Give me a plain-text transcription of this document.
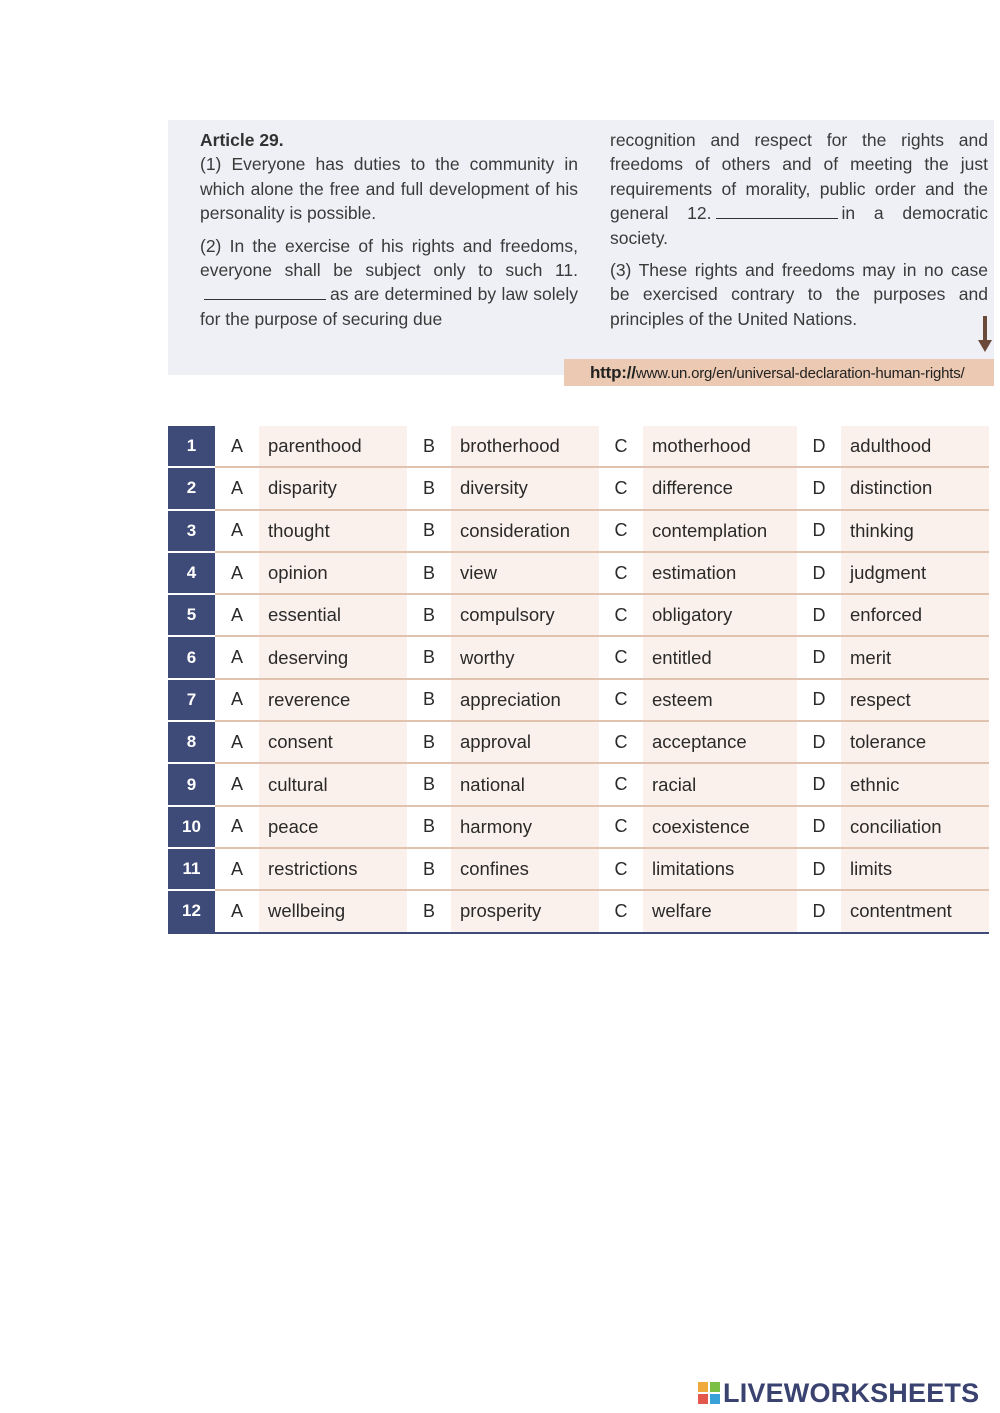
Article 29.

(1) Everyone has duties to the community in which alone the free and full development of his personality is possible.

(2) In the exercise of his rights and freedoms, everyone shall be subject only to such 11.as are determined by law solely for the purpose of securing due

recognition and respect for the rights and freedoms of others and of meeting the just requirements of morality, public order and the general 12.	in a democratic society.

(3) These rights and freedoms may in no case be exercised contrary to the purposes and principles of the United Nations.

http://www.un.org/en/universal-declaration-human-rights/
1	A	parenthood	B	brotherhood	C	motherhood	D	adulthood
2	A	disparity	B	diversity	C	difference	D	distinction
3	A	thought	B	consideration	C	contemplation	D	thinking
4	A	opinion	B	view	C	estimation	D	judgment
5	A	essential	B	compulsory	C	obligatory	D	enforced
6	A	deserving	B	worthy	C	entitled	D	merit
7	A	reverence	B	appreciation	C	esteem	D	respect
8	A	consent	B	approval	C	acceptance	D	tolerance
9	A	cultural	B	national	C	racial	D	ethnic
10	A	peace	B	harmony	C	coexistence	D	conciliation
11	A	restrictions	B	confines	C	limitations	D	limits
12	A	wellbeing	B	prosperity	C	welfare	D	contentment
LIVEWORKSHEETS
